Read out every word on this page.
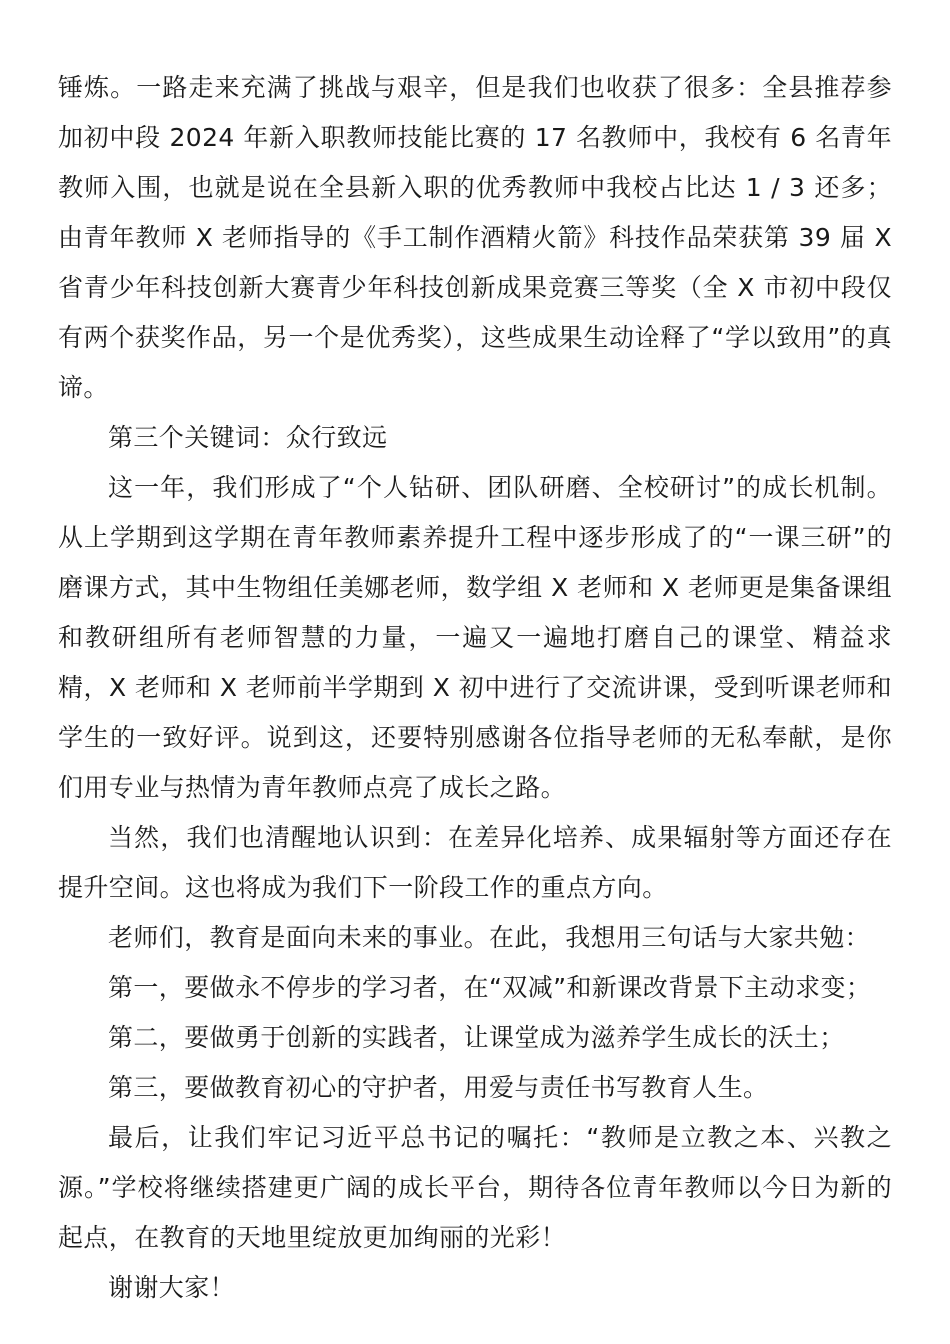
锤炼。一路走来充满了挑战与艰辛，但是我们也收获了很多：全县推荐参加初中段 2024 年新入职教师技能比赛的 17 名教师中，我校有 6 名青年教师入围，也就是说在全县新入职的优秀教师中我校占比达 1 / 3 还多；由青年教师 X 老师指导的《手工制作酒精火箭》科技作品荣获第 39 届 X 省青少年科技创新大赛青少年科技创新成果竞赛三等奖（全 X 市初中段仅有两个获奖作品，另一个是优秀奖），这些成果生动诠释了“学以致用”的真谛。

第三个关键词：众行致远

这一年，我们形成了“个人钻研、团队研磨、全校研讨”的成长机制。从上学期到这学期在青年教师素养提升工程中逐步形成了的“一课三研”的磨课方式，其中生物组任美娜老师，数学组 X 老师和 X 老师更是集备课组和教研组所有老师智慧的力量，一遍又一遍地打磨自己的课堂、精益求精，X 老师和 X 老师前半学期到 X 初中进行了交流讲课，受到听课老师和学生的一致好评。说到这，还要特别感谢各位指导老师的无私奉献，是你们用专业与热情为青年教师点亮了成长之路。

当然，我们也清醒地认识到：在差异化培养、成果辐射等方面还存在提升空间。这也将成为我们下一阶段工作的重点方向。

老师们，教育是面向未来的事业。在此，我想用三句话与大家共勉：

第一，要做永不停步的学习者，在“双减”和新课改背景下主动求变；

第二，要做勇于创新的实践者，让课堂成为滋养学生成长的沃土；

第三，要做教育初心的守护者，用爱与责任书写教育人生。

最后，让我们牢记习近平总书记的嘱托：“教师是立教之本、兴教之源。”学校将继续搭建更广阔的成长平台，期待各位青年教师以今日为新的起点，在教育的天地里绽放更加绚丽的光彩！

谢谢大家！
